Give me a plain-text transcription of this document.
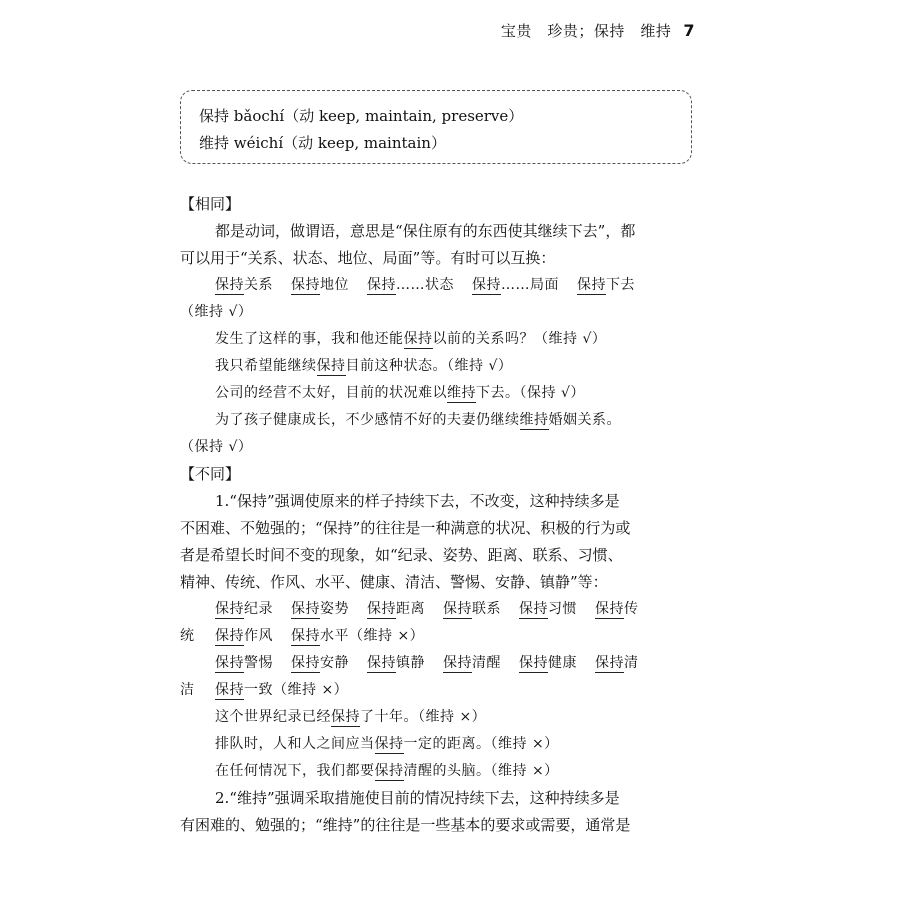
宝贵　珍贵；保持　维持 7
保持 bǎochí（动 keep, maintain, preserve）
维持 wéichí（动 keep, maintain）
【相同】
都是动词，做谓语，意思是“保住原有的东西使其继续下去”，都
可以用于“关系、状态、地位、局面”等。有时可以互换：
保持关系 保持地位 保持……状态 保持……局面 保持下去
（维持 √）
发生了这样的事，我和他还能保持以前的关系吗？（维持 √）
我只希望能继续保持目前这种状态。（维持 √）
公司的经营不太好，目前的状况难以维持下去。（保持 √）
为了孩子健康成长，不少感情不好的夫妻仍继续维持婚姻关系。
（保持 √）
【不同】
1.“保持”强调使原来的样子持续下去，不改变，这种持续多是
不困难、不勉强的；“保持”的往往是一种满意的状况、积极的行为或
者是希望长时间不变的现象，如“纪录、姿势、距离、联系、习惯、
精神、传统、作风、水平、健康、清洁、警惕、安静、镇静”等：
保持纪录 保持姿势 保持距离 保持联系 保持习惯 保持传
统 保持作风 保持水平（维持 ×）
保持警惕 保持安静 保持镇静 保持清醒 保持健康 保持清
洁 保持一致（维持 ×）
这个世界纪录已经保持了十年。（维持 ×）
排队时，人和人之间应当保持一定的距离。（维持 ×）
在任何情况下，我们都要保持清醒的头脑。（维持 ×）
2.“维持”强调采取措施使目前的情况持续下去，这种持续多是
有困难的、勉强的；“维持”的往往是一些基本的要求或需要，通常是
